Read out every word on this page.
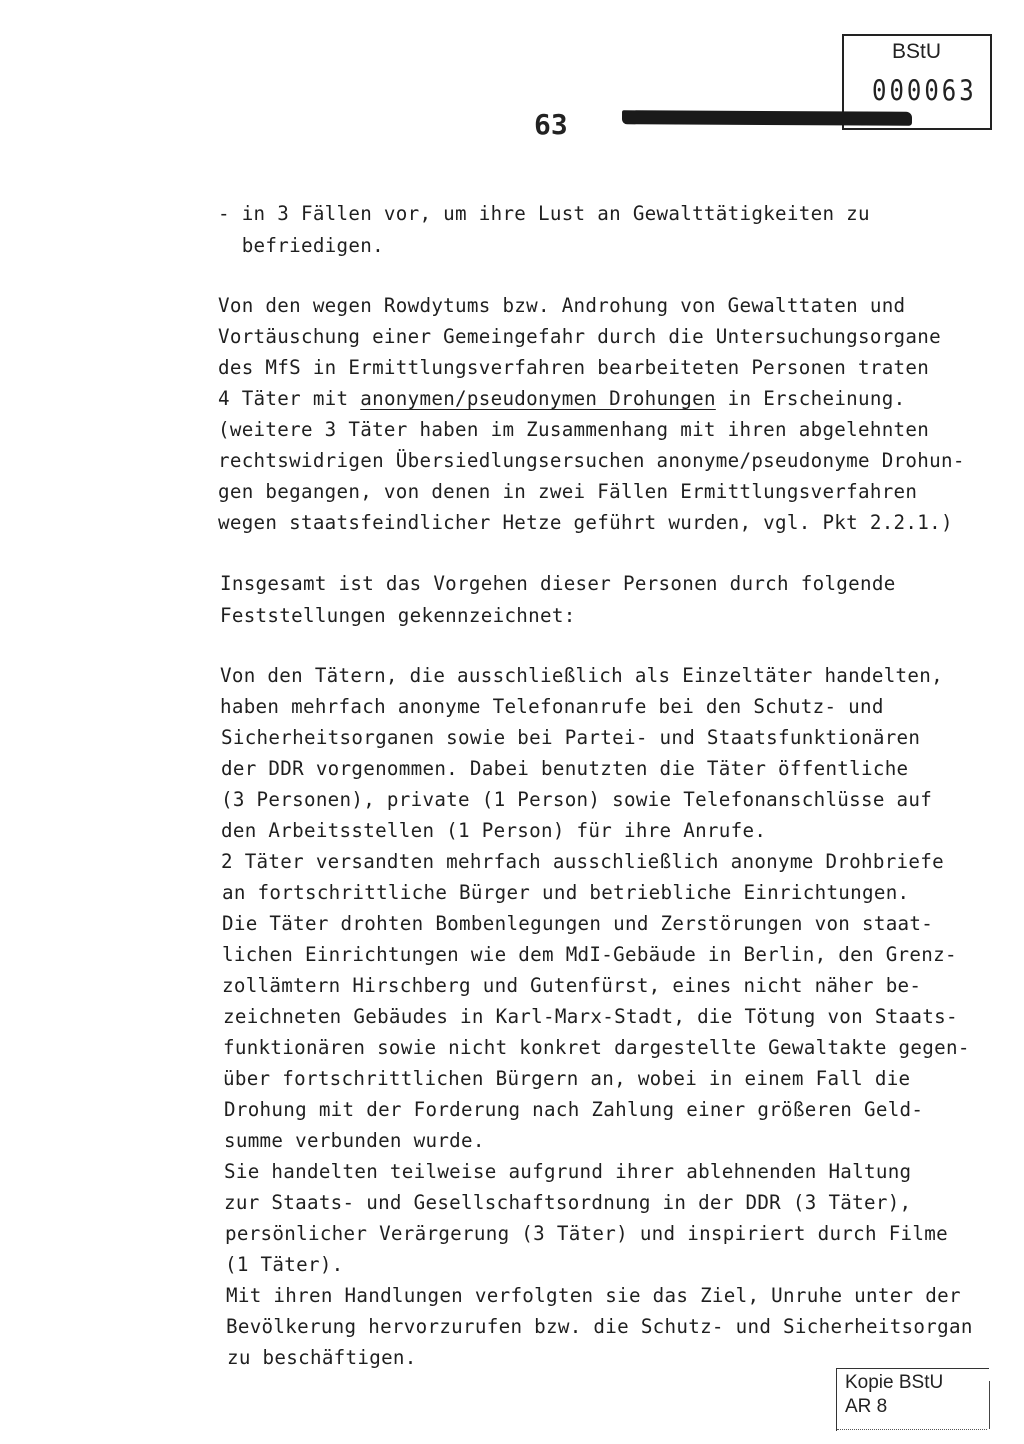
BStU
000063
63
- in 3 Fällen vor, um ihre Lust an Gewalttätigkeiten zu
befriedigen.
Von den wegen Rowdytums bzw. Androhung von Gewalttaten und
Vortäuschung einer Gemeingefahr durch die Untersuchungsorgane
des MfS in Ermittlungsverfahren bearbeiteten Personen traten
4 Täter mit anonymen/pseudonymen Drohungen in Erscheinung.
(weitere 3 Täter haben im Zusammenhang mit ihren abgelehnten
rechtswidrigen Übersiedlungsersuchen anonyme/pseudonyme Drohun-
gen begangen, von denen in zwei Fällen Ermittlungsverfahren
wegen staatsfeindlicher Hetze geführt wurden, vgl. Pkt 2.2.1.)
Insgesamt ist das Vorgehen dieser Personen durch folgende
Feststellungen gekennzeichnet:
Von den Tätern, die ausschließlich als Einzeltäter handelten,
haben mehrfach anonyme Telefonanrufe bei den Schutz- und
Sicherheitsorganen sowie bei Partei- und Staatsfunktionären
der DDR vorgenommen. Dabei benutzten die Täter öffentliche
(3 Personen), private (1 Person) sowie Telefonanschlüsse auf
den Arbeitsstellen (1 Person) für ihre Anrufe.
2 Täter versandten mehrfach ausschließlich anonyme Drohbriefe
an fortschrittliche Bürger und betriebliche Einrichtungen.
Die Täter drohten Bombenlegungen und Zerstörungen von staat-
lichen Einrichtungen wie dem MdI-Gebäude in Berlin, den Grenz-
zollämtern Hirschberg und Gutenfürst, eines nicht näher be-
zeichneten Gebäudes in Karl-Marx-Stadt, die Tötung von Staats-
funktionären sowie nicht konkret dargestellte Gewaltakte gegen-
über fortschrittlichen Bürgern an, wobei in einem Fall die
Drohung mit der Forderung nach Zahlung einer größeren Geld-
summe verbunden wurde.
Sie handelten teilweise aufgrund ihrer ablehnenden Haltung
zur Staats- und Gesellschaftsordnung in der DDR (3 Täter),
persönlicher Verärgerung (3 Täter) und inspiriert durch Filme
(1 Täter).
Mit ihren Handlungen verfolgten sie das Ziel, Unruhe unter der
Bevölkerung hervorzurufen bzw. die Schutz- und Sicherheitsorgan
zu beschäftigen.
Kopie BStU
AR 8
